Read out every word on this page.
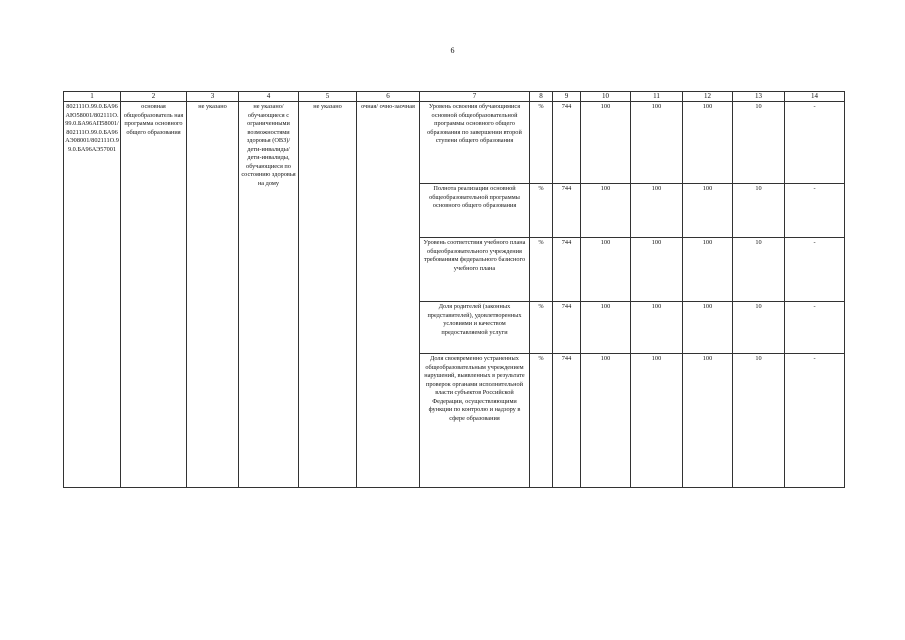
6
1	2	3	4	5	6	7	8	9	10	11	12	13	14
802111О.99.0.БА96АЮ58001/802111О.99.0.БА96АП58001/802111О.99.0.БА96АЭ08001/802111О.99.0.БА96АЭ57001	основная общеобразователь ная программа основного общего образования	не указано	не указано/ обучающиеся с ограниченными возможностями здоровья (ОВЗ)/ дети-инвалиды/ дети-инвалиды, обучающиеся по состоянию здоровья на дому	не указано	очная/ очно-заочная	Уровень освоения обучающимися основной общеобразовательной программы основного общего образования по завершении второй ступени общего образования	%	744	100	100	100	10	-
						Полнота реализации основной общеобразовательной программы основного общего образования	%	744	100	100	100	10	-
						Уровень соответствия учебного плана общеобразовательного учреждения требованиям федерального базисного учебного плана	%	744	100	100	100	10	-
						Доля родителей (законных представителей), удовлетворенных условиями и качеством предоставляемой услуги	%	744	100	100	100	10	-
						Доля своевременно устраненных общеобразовательным учреждением нарушений, выявленных в результате проверок органами исполнительной власти субъектов Российской Федерации, осуществляющими функции по контролю и надзору в сфере образования	%	744	100	100	100	10	-
